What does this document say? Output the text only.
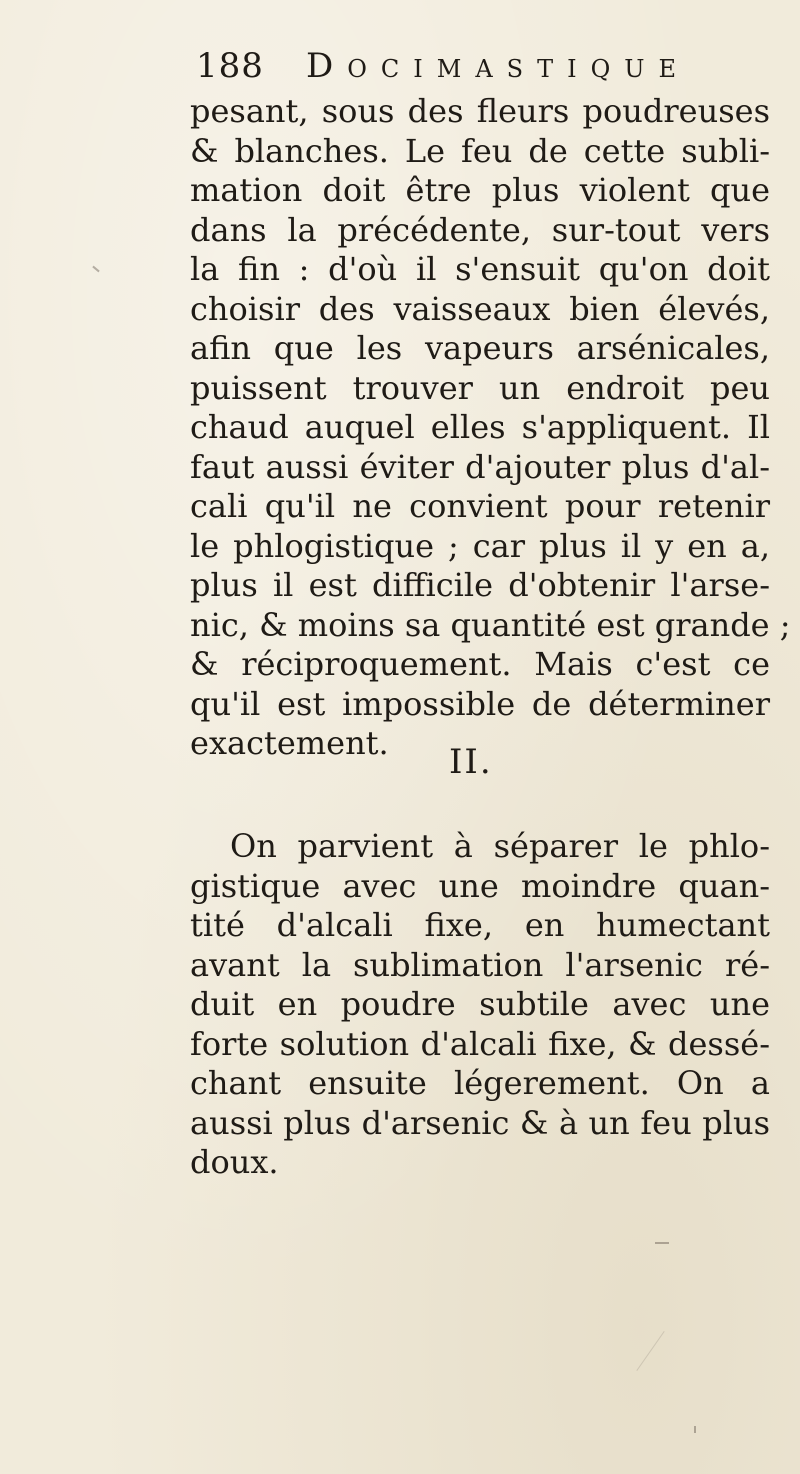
188 Docimastique
pesant, sous des fleurs poudreuses
& blanches. Le feu de cette subli-
mation doit être plus violent que
dans la précédente, sur-tout vers
la fin : d'où il s'ensuit qu'on doit
choisir des vaisseaux bien élevés,
afin que les vapeurs arsénicales,
puissent trouver un endroit peu
chaud auquel elles s'appliquent. Il
faut aussi éviter d'ajouter plus d'al-
cali qu'il ne convient pour retenir
le phlogistique ; car plus il y en a,
plus il est difficile d'obtenir l'arse-
nic, & moins sa quantité est grande ;
& réciproquement. Mais c'est ce
qu'il est impossible de déterminer
exactement.	II.
On parvient à séparer le phlo-
gistique avec une moindre quan-
tité d'alcali fixe, en humectant
avant la sublimation l'arsenic ré-
duit en poudre subtile avec une
forte solution d'alcali fixe, & dessé-
chant ensuite légerement. On a
aussi plus d'arsenic & à un feu plus
doux.
